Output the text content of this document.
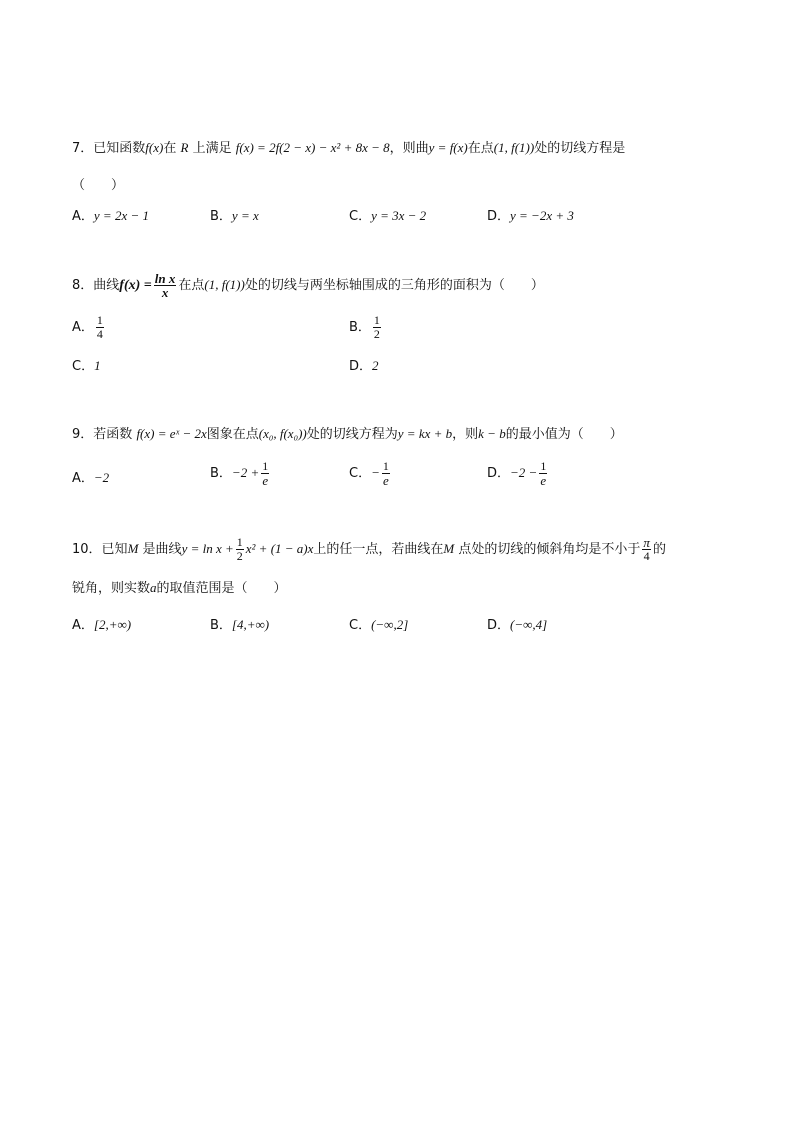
7．已知函数f(x)在 R 上满足 f(x) = 2f(2 − x) − x² + 8x − 8，则曲y = f(x)在点(1, f(1))处的切线方程是
（　　）
A．y = 2x − 1	B．y = x	C．y = 3x − 2	D．y = −2x + 3
8．曲线$f(x) = \frac{\text{ln x}}{x}$ 在点(1, f(1))处的切线与两坐标轴围成的三角形的面积为（　　）
A． $\frac{1}{4}$	B． $\frac{1}{2}$
C．1	D．2
9．若函数 f(x) = eˣ − 2x图象在点(x₀, f(x₀))处的切线方程为y = kx + b，则k − b的最小值为（　　）
A．−2	B．$-2 + \frac{1}{e}$	C．− $\frac{1}{e}$	D．$-2 - \frac{1}{e}$
10．已知M 是曲线$y = \ln x + \frac{1}{2} x^2 + (1 - a)x$上的任一点，若曲线在M 点处的切线的倾斜角均是不小于 $\frac{\pi}{4}$ 的
锐角，则实数a的取值范围是（　　）
A．[2,+∞)	B．[4,+∞)	C．(−∞,2]	D．(−∞,4]
